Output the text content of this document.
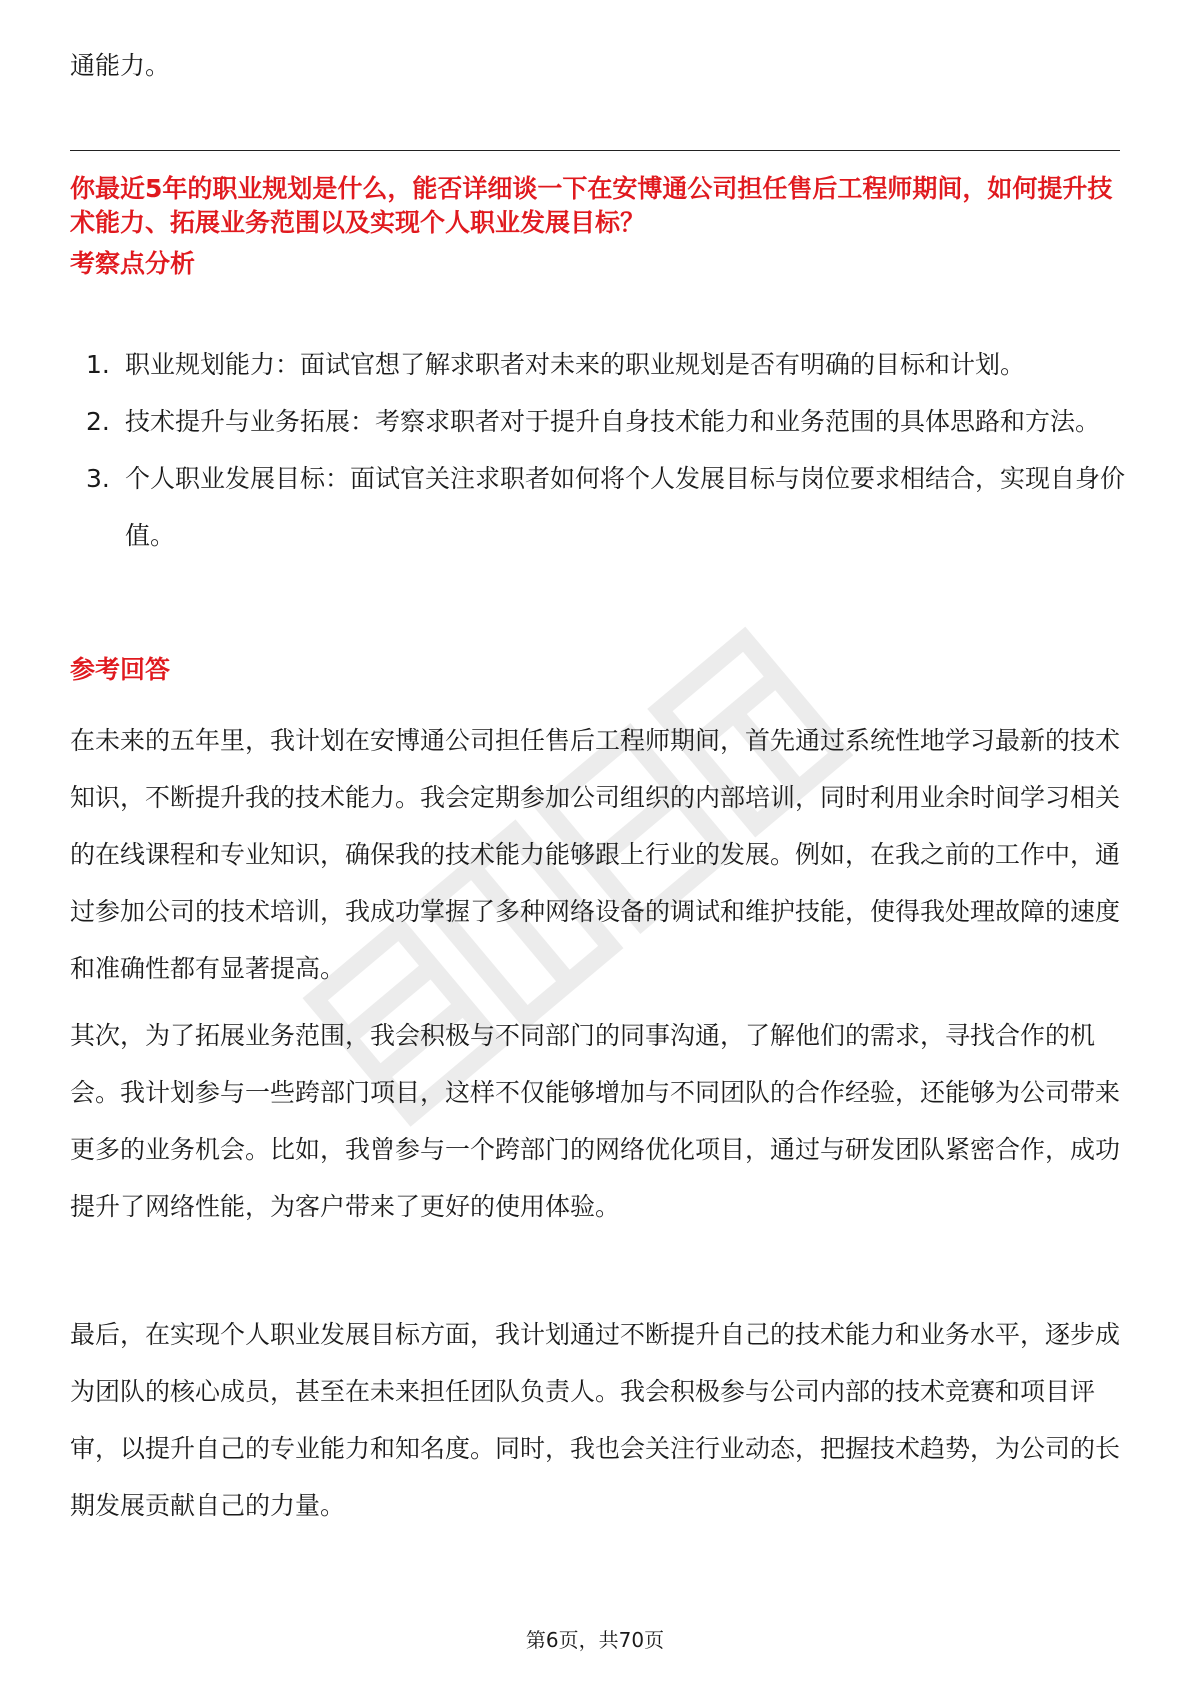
通能力。

你最近5年的职业规划是什么，能否详细谈一下在安博通公司担任售后工程师期间，如何提升技术能力、拓展业务范围以及实现个人职业发展目标？

考察点分析
1. 职业规划能力：面试官想了解求职者对未来的职业规划是否有明确的目标和计划。
2. 技术提升与业务拓展：考察求职者对于提升自身技术能力和业务范围的具体思路和方法。
3. 个人职业发展目标：面试官关注求职者如何将个人发展目标与岗位要求相结合，实现自身价值。
参考回答

在未来的五年里，我计划在安博通公司担任售后工程师期间，首先通过系统性地学习最新的技术知识，不断提升我的技术能力。我会定期参加公司组织的内部培训，同时利用业余时间学习相关的在线课程和专业知识，确保我的技术能力能够跟上行业的发展。例如，在我之前的工作中，通过参加公司的技术培训，我成功掌握了多种网络设备的调试和维护技能，使得我处理故障的速度和准确性都有显著提高。

其次，为了拓展业务范围，我会积极与不同部门的同事沟通，了解他们的需求，寻找合作的机会。我计划参与一些跨部门项目，这样不仅能够增加与不同团队的合作经验，还能够为公司带来更多的业务机会。比如，我曾参与一个跨部门的网络优化项目，通过与研发团队紧密合作，成功提升了网络性能，为客户带来了更好的使用体验。

最后，在实现个人职业发展目标方面，我计划通过不断提升自己的技术能力和业务水平，逐步成为团队的核心成员，甚至在未来担任团队负责人。我会积极参与公司内部的技术竞赛和项目评审，以提升自己的专业能力和知名度。同时，我也会关注行业动态，把握技术趋势，为公司的长期发展贡献自己的力量。

第6页，共70页
